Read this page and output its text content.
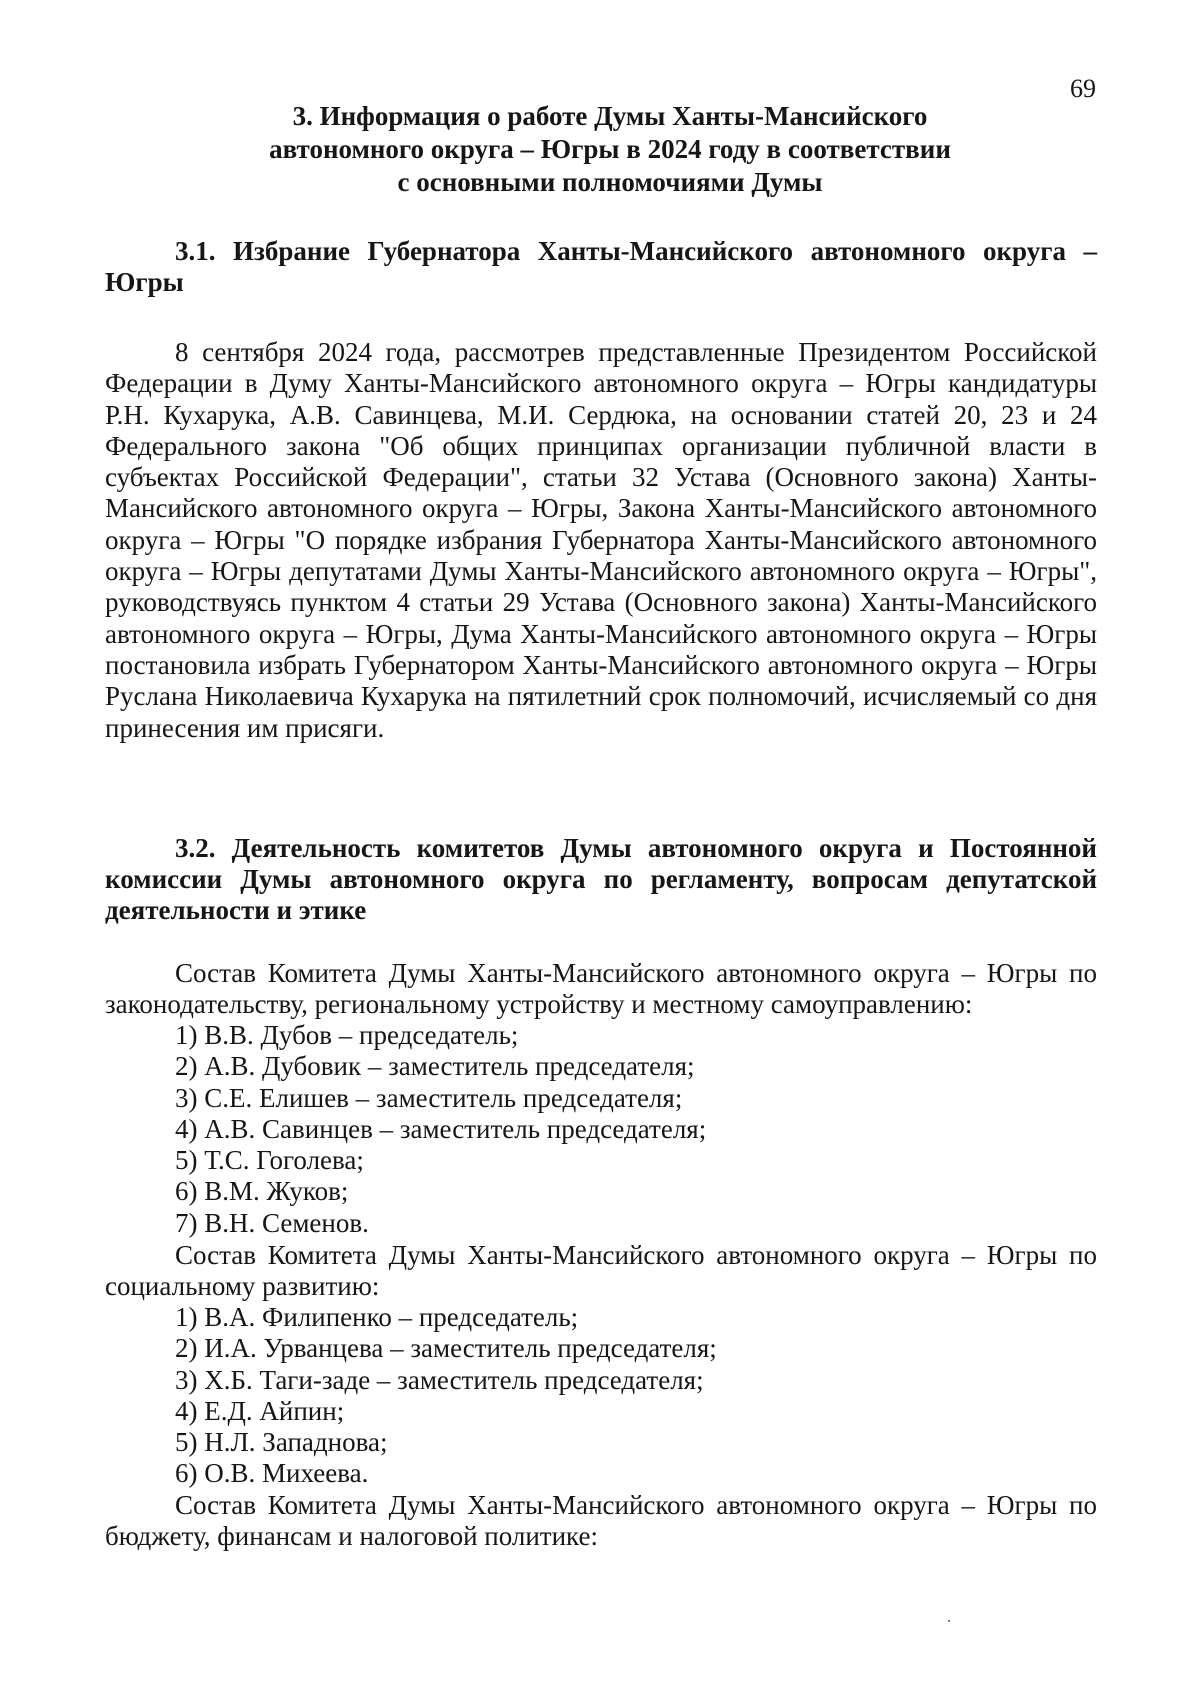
69
3. Информация о работе Думы Ханты-Мансийского
автономного округа – Югры в 2024 году в соответствии
с основными полномочиями Думы
3.1. Избрание Губернатора Ханты-Мансийского автономного округа – Югры
8 сентября 2024 года, рассмотрев представленные Президентом Российской Федерации в Думу Ханты-Мансийского автономного округа – Югры кандидатуры Р.Н. Кухарука, А.В. Савинцева, М.И. Сердюка, на основании статей 20, 23 и 24 Федерального закона "Об общих принципах организации публичной власти в субъектах Российской Федерации", статьи 32 Устава (Основного закона) Ханты-Мансийского автономного округа – Югры, Закона Ханты-Мансийского автономного округа – Югры "О порядке избрания Губернатора Ханты-Мансийского автономного округа – Югры депутатами Думы Ханты-Мансийского автономного округа – Югры", руководствуясь пунктом 4 статьи 29 Устава (Основного закона) Ханты-Мансийского автономного округа – Югры, Дума Ханты-Мансийского автономного округа – Югры постановила избрать Губернатором Ханты-Мансийского автономного округа – Югры Руслана Николаевича Кухарука на пятилетний срок полномочий, исчисляемый со дня принесения им присяги.
3.2. Деятельность комитетов Думы автономного округа и Постоянной комиссии Думы автономного округа по регламенту, вопросам депутатской деятельности и этике
Состав Комитета Думы Ханты-Мансийского автономного округа – Югры по законодательству, региональному устройству и местному самоуправлению:
1) В.В. Дубов – председатель;
2) А.В. Дубовик – заместитель председателя;
3) С.Е. Елишев – заместитель председателя;
4) А.В. Савинцев – заместитель председателя;
5) Т.С. Гоголева;
6) В.М. Жуков;
7) В.Н. Семенов.
Состав Комитета Думы Ханты-Мансийского автономного округа – Югры по социальному развитию:
1) В.А. Филипенко – председатель;
2) И.А. Урванцева – заместитель председателя;
3) Х.Б. Таги-заде – заместитель председателя;
4) Е.Д. Айпин;
5) Н.Л. Западнова;
6) О.В. Михеева.
Состав Комитета Думы Ханты-Мансийского автономного округа – Югры по бюджету, финансам и налоговой политике:
